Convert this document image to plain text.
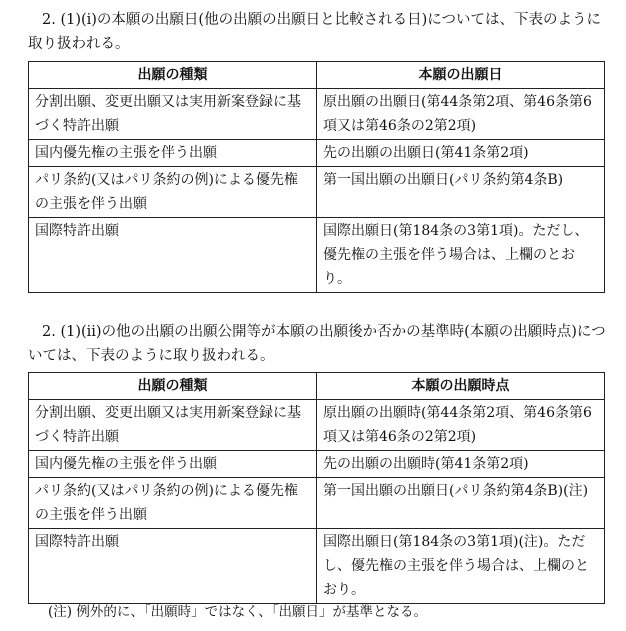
2. (1)(i)の本願の出願日(他の出願の出願日と比較される日)については、下表のように取り扱われる。

出願の種類	本願の出願日
分割出願、変更出願又は実用新案登録に基づく特許出願	原出願の出願日(第44条第2項、第46条第6項又は第46条の2第2項)
国内優先権の主張を伴う出願	先の出願の出願日(第41条第2項)
パリ条約(又はパリ条約の例)による優先権の主張を伴う出願	第一国出願の出願日(パリ条約第4条B)
国際特許出願	国際出願日(第184条の3第1項)。ただし、優先権の主張を伴う場合は、上欄のとおり。

2. (1)(ii)の他の出願の出願公開等が本願の出願後か否かの基準時(本願の出願時点)については、下表のように取り扱われる。

出願の種類	本願の出願時点
分割出願、変更出願又は実用新案登録に基づく特許出願	原出願の出願時(第44条第2項、第46条第6項又は第46条の2第2項)
国内優先権の主張を伴う出願	先の出願の出願時(第41条第2項)
パリ条約(又はパリ条約の例)による優先権の主張を伴う出願	第一国出願の出願日(パリ条約第4条B)(注)
国際特許出願	国際出願日(第184条の3第1項)(注)。ただし、優先権の主張を伴う場合は、上欄のとおり。

(注) 例外的に、「出願時」ではなく、「出願日」が基準となる。
